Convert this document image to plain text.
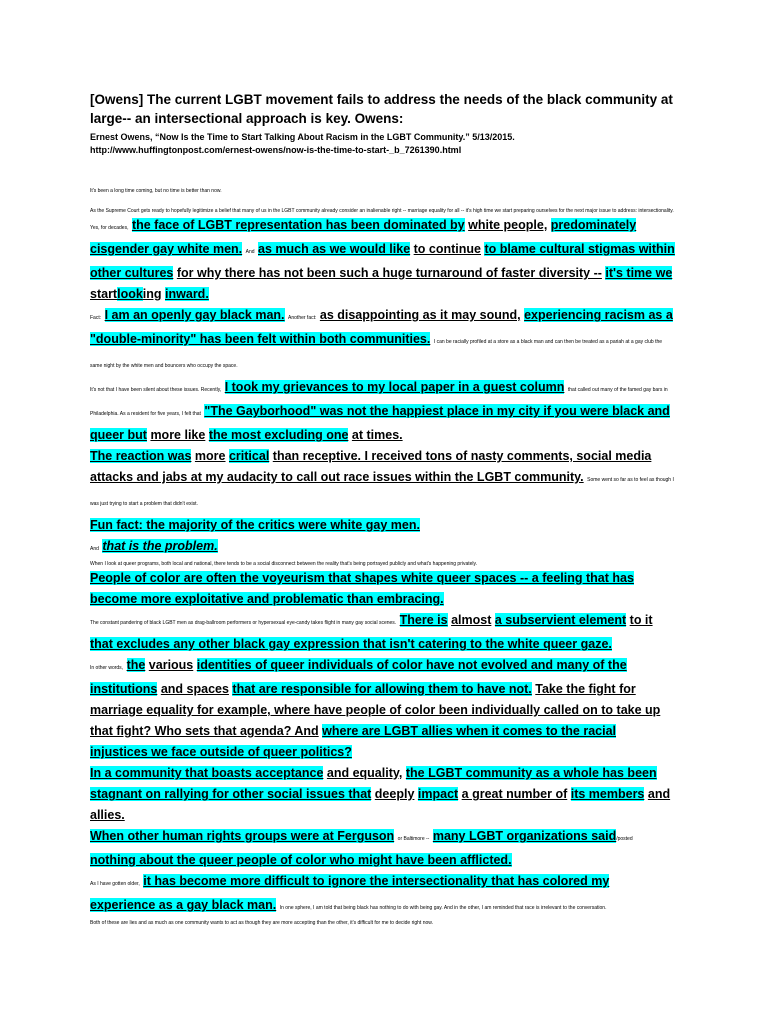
[Owens] The current LGBT movement fails to address the needs of the black community at large-- an intersectional approach is key. Owens:

Ernest Owens, “Now Is the Time to Start Talking About Racism in the LGBT Community.” 5/13/2015. http://www.huffingtonpost.com/ernest-owens/now-is-the-time-to-start-_b_7261390.html

It's been a long time coming, but no time is better than now.

As the Supreme Court gets ready to hopefully legitimize a belief that many of us in the LGBT community already consider an inalienable right -- marriage equality for all -- it's high time we start preparing ourselves for the next major issue to address: intersectionality.

Yes, for decades, the face of LGBT representation has been dominated by white people, predominately cisgender gay white men. And as much as we would like to continue to blame cultural stigmas within other cultures for why there has not been such a huge turnaround of faster diversity -- it's time we startlooking inward.

Fact: I am an openly gay black man. Another fact: as disappointing as it may sound, experiencing racism as a "double-minority" has been felt within both communities. I can be racially profiled at a store as a black man and can then be treated as a pariah at a gay club the same night by the white men and bouncers who occupy the space.

It's not that I have been silent about these issues. Recently, I took my grievances to my local paper in a guest column that called out many of the famed gay bars in Philadelphia. As a resident for five years, I felt that "The Gayborhood" was not the happiest place in my city if you were black and queer but more like the most excluding one at times.

The reaction was more critical than receptive. I received tons of nasty comments, social media attacks and jabs at my audacity to call out race issues within the LGBT community. Some went so far as to feel as though I was just trying to start a problem that didn't exist.

Fun fact: the majority of the critics were white gay men.

And that is the problem.

When I look at queer programs, both local and national, there tends to be a social disconnect between the reality that's being portrayed publicly and what's happening privately.

People of color are often the voyeurism that shapes white queer spaces -- a feeling that has become more exploitative and problematic than embracing.

The constant pandering of black LGBT men as drag-ballroom performers or hypersexual eye-candy takes flight in many gay social scenes. There is almost a subservient element to it that excludes any other black gay expression that isn't catering to the white queer gaze.

In other words, the various identities of queer individuals of color have not evolved and many of the institutions and spaces that are responsible for allowing them to have not. Take the fight for marriage equality for example, where have people of color been individually called on to take up that fight? Who sets that agenda? And where are LGBT allies when it comes to the racial injustices we face outside of queer politics?

In a community that boasts acceptance and equality, the LGBT community as a whole has been stagnant on rallying for other social issues that deeply impact a great number of its members and allies.

When other human rights groups were at Ferguson or Baltimore -- many LGBT organizations said/posted nothing about the queer people of color who might have been afflicted.

As I have gotten older, it has become more difficult to ignore the intersectionality that has colored my experience as a gay black man. In one sphere, I am told that being black has nothing to do with being gay. And in the other, I am reminded that race is irrelevant to the conversation.

Both of these are lies and as much as one community wants to act as though they are more accepting than the other, it's difficult for me to decide right now.
